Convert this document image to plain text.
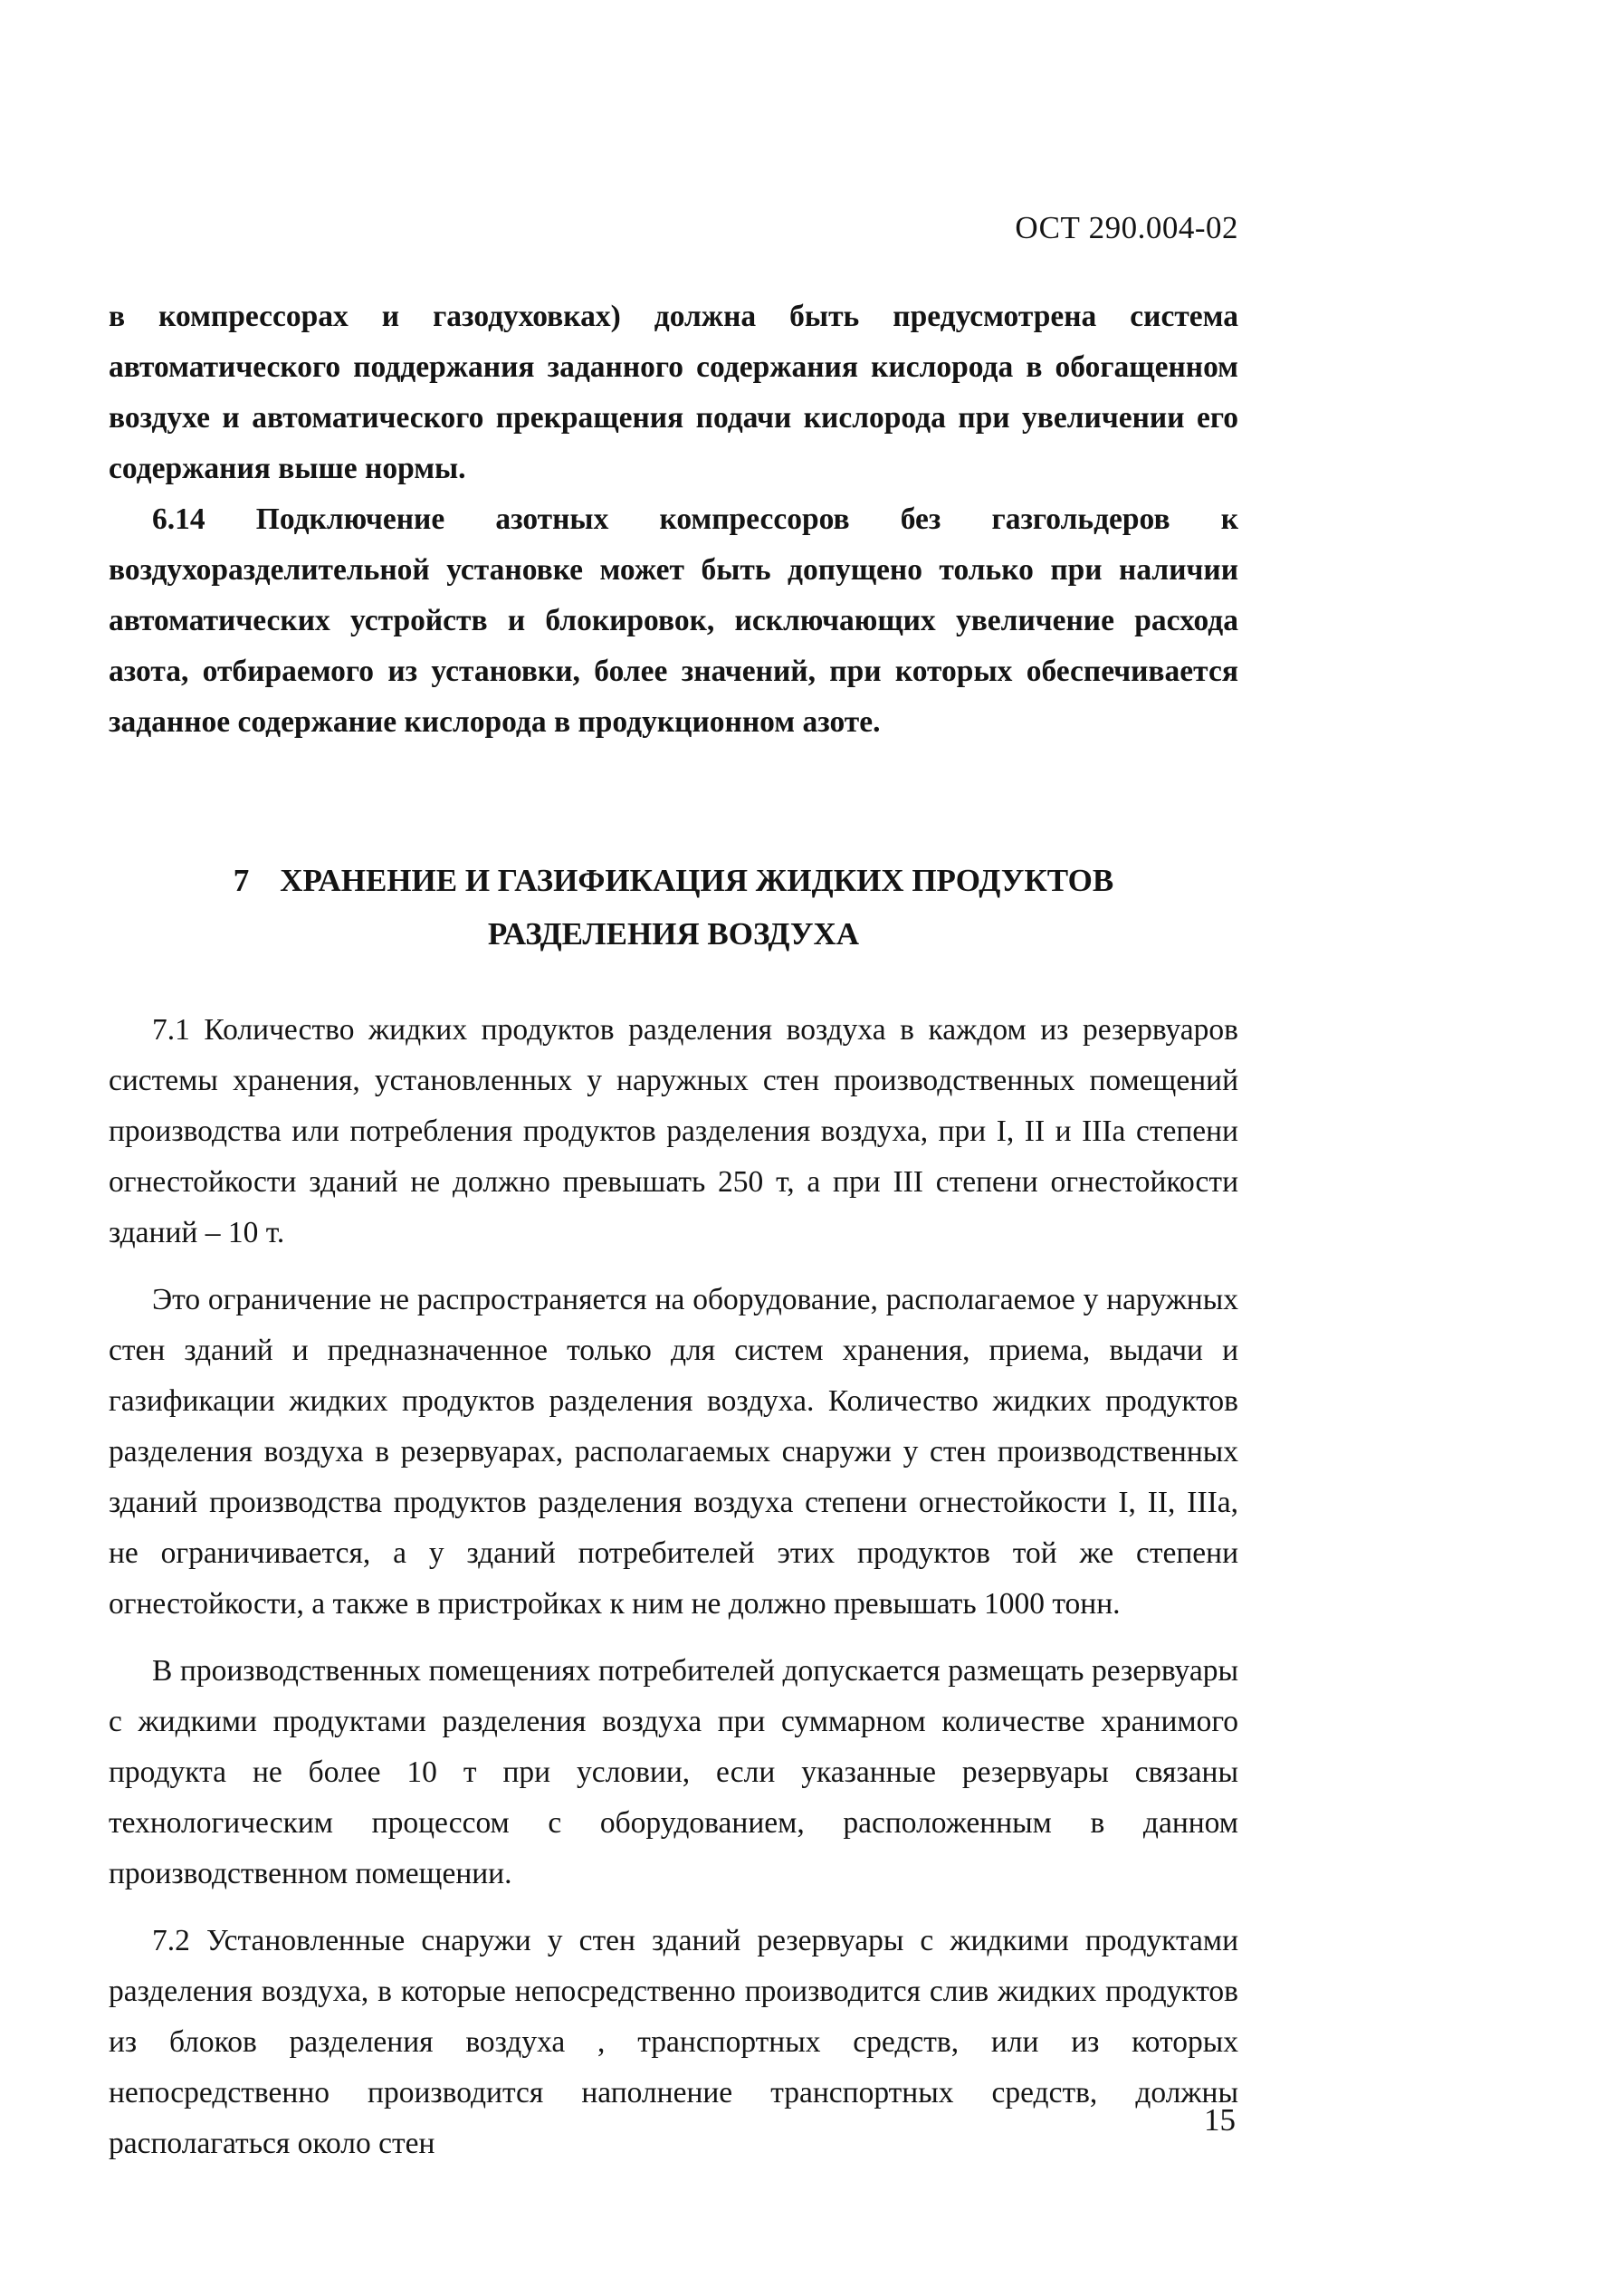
ОСТ 290.004-02

в компрессорах и газодуховках) должна быть предусмотрена система автоматического поддержания заданного содержания кислорода в обогащенном воздухе и автоматического прекращения подачи кислорода при увеличении его содержания выше нормы.

6.14 Подключение азотных компрессоров без газгольдеров к воздухоразделительной установке может быть допущено только при наличии автоматических устройств и блокировок, исключающих увеличение расхода азота, отбираемого из установки, более значений, при которых обеспечивается заданное содержание кислорода в продукционном азоте.

7 ХРАНЕНИЕ И ГАЗИФИКАЦИЯ ЖИДКИХ ПРОДУКТОВ
РАЗДЕЛЕНИЯ ВОЗДУХА

7.1 Количество жидких продуктов разделения воздуха в каждом из резервуаров системы хранения, установленных у наружных стен производственных помещений производства или потребления продуктов разделения воздуха, при I, II и IIIа степени огнестойкости зданий не должно превышать 250 т, а при III степени огнестойкости зданий – 10 т.

Это ограничение не распространяется на оборудование, располагаемое у наружных стен зданий и предназначенное только для систем хранения, приема, выдачи и газификации жидких продуктов разделения воздуха. Количество жидких продуктов разделения воздуха в резервуарах, располагаемых снаружи у стен производственных зданий производства продуктов разделения воздуха степени огнестойкости I, II, IIIа, не ограничивается, а у зданий потребителей этих продуктов той же степени огнестойкости, а также в пристройках к ним не должно превышать 1000 тонн.

В производственных помещениях потребителей допускается размещать резервуары с жидкими продуктами разделения воздуха при суммарном количестве хранимого продукта не более 10 т при условии, если указанные резервуары связаны технологическим процессом с оборудованием, расположенным в данном производственном помещении.

7.2 Установленные снаружи у стен зданий резервуары с жидкими продуктами разделения воздуха, в которые непосредственно производится слив жидких продуктов из блоков разделения воздуха , транспортных средств, или из которых непосредственно производится наполнение транспортных средств, должны располагаться около стен

15
